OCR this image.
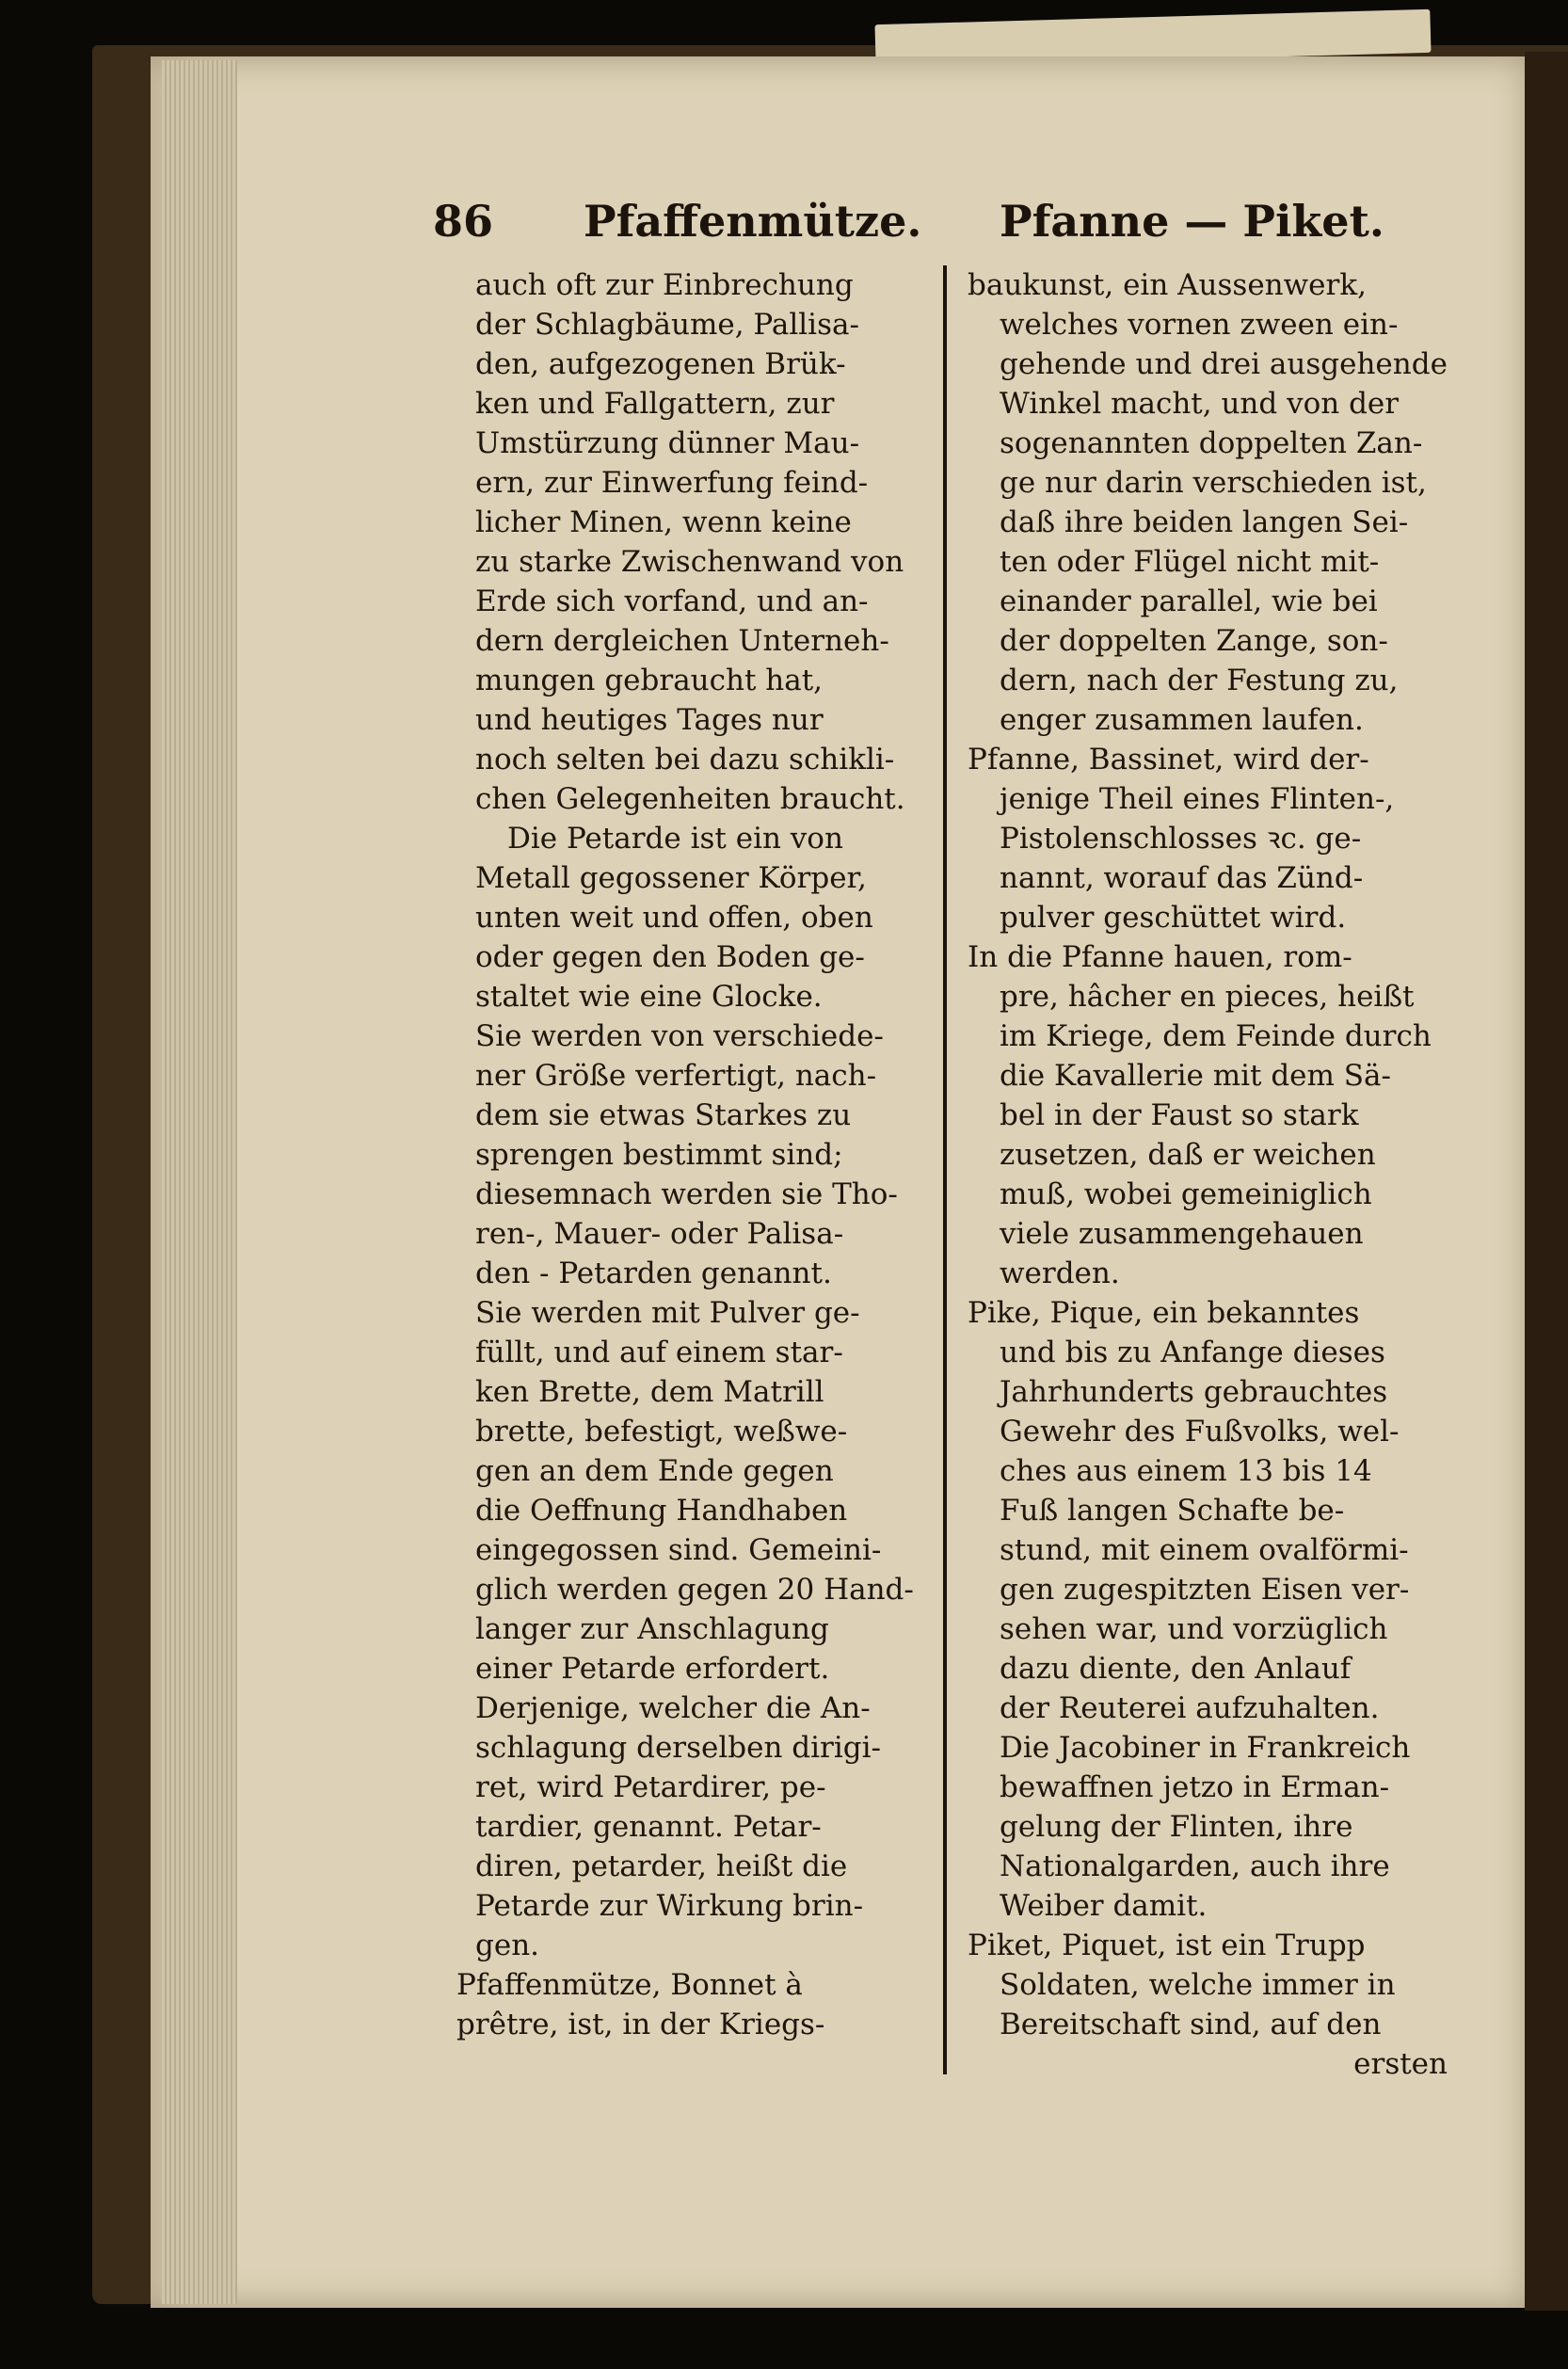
86 Pfaffenmütze. Pfanne — Piket.
auch oft zur Einbrechung
der Schlagbäume, Pallisa-
den, aufgezogenen Brük-
ken und Fallgattern, zur
Umstürzung dünner Mau-
ern, zur Einwerfung feind-
licher Minen, wenn keine
zu starke Zwischenwand von
Erde sich vorfand, und an-
dern dergleichen Unterneh-
mungen gebraucht hat,
und heutiges Tages nur
noch selten bei dazu schikli-
chen Gelegenheiten braucht.
Die Petarde ist ein von
Metall gegossener Körper,
unten weit und offen, oben
oder gegen den Boden ge-
staltet wie eine Glocke.
Sie werden von verschiede-
ner Größe verfertigt, nach-
dem sie etwas Starkes zu
sprengen bestimmt sind;
diesemnach werden sie Tho-
ren-, Mauer- oder Palisa-
den - Petarden genannt.
Sie werden mit Pulver ge-
füllt, und auf einem star-
ken Brette, dem Matrill
brette, befestigt, weßwe-
gen an dem Ende gegen
die Oeffnung Handhaben
eingegossen sind. Gemeini-
glich werden gegen 20 Hand-
langer zur Anschlagung
einer Petarde erfordert.
Derjenige, welcher die An-
schlagung derselben dirigi-
ret, wird Petardirer, pe-
tardier, genannt. Petar-
diren, petarder, heißt die
Petarde zur Wirkung brin-
gen.
Pfaffenmütze, Bonnet à
prêtre, ist, in der Kriegs-
baukunst, ein Aussenwerk,
welches vornen zween ein-
gehende und drei ausgehende
Winkel macht, und von der
sogenannten doppelten Zan-
ge nur darin verschieden ist,
daß ihre beiden langen Sei-
ten oder Flügel nicht mit-
einander parallel, wie bei
der doppelten Zange, son-
dern, nach der Festung zu,
enger zusammen laufen.
Pfanne, Bassinet, wird der-
jenige Theil eines Flinten-,
Pistolenschlosses ꝛc. ge-
nannt, worauf das Zünd-
pulver geschüttet wird.
In die Pfanne hauen, rom-
pre, hâcher en pieces, heißt
im Kriege, dem Feinde durch
die Kavallerie mit dem Sä-
bel in der Faust so stark
zusetzen, daß er weichen
muß, wobei gemeiniglich
viele zusammengehauen
werden.
Pike, Pique, ein bekanntes
und bis zu Anfange dieses
Jahrhunderts gebrauchtes
Gewehr des Fußvolks, wel-
ches aus einem 13 bis 14
Fuß langen Schafte be-
stund, mit einem ovalförmi-
gen zugespitzten Eisen ver-
sehen war, und vorzüglich
dazu diente, den Anlauf
der Reuterei aufzuhalten.
Die Jacobiner in Frankreich
bewaffnen jetzo in Erman-
gelung der Flinten, ihre
Nationalgarden, auch ihre
Weiber damit.
Piket, Piquet, ist ein Trupp
Soldaten, welche immer in
Bereitschaft sind, auf den
ersten
